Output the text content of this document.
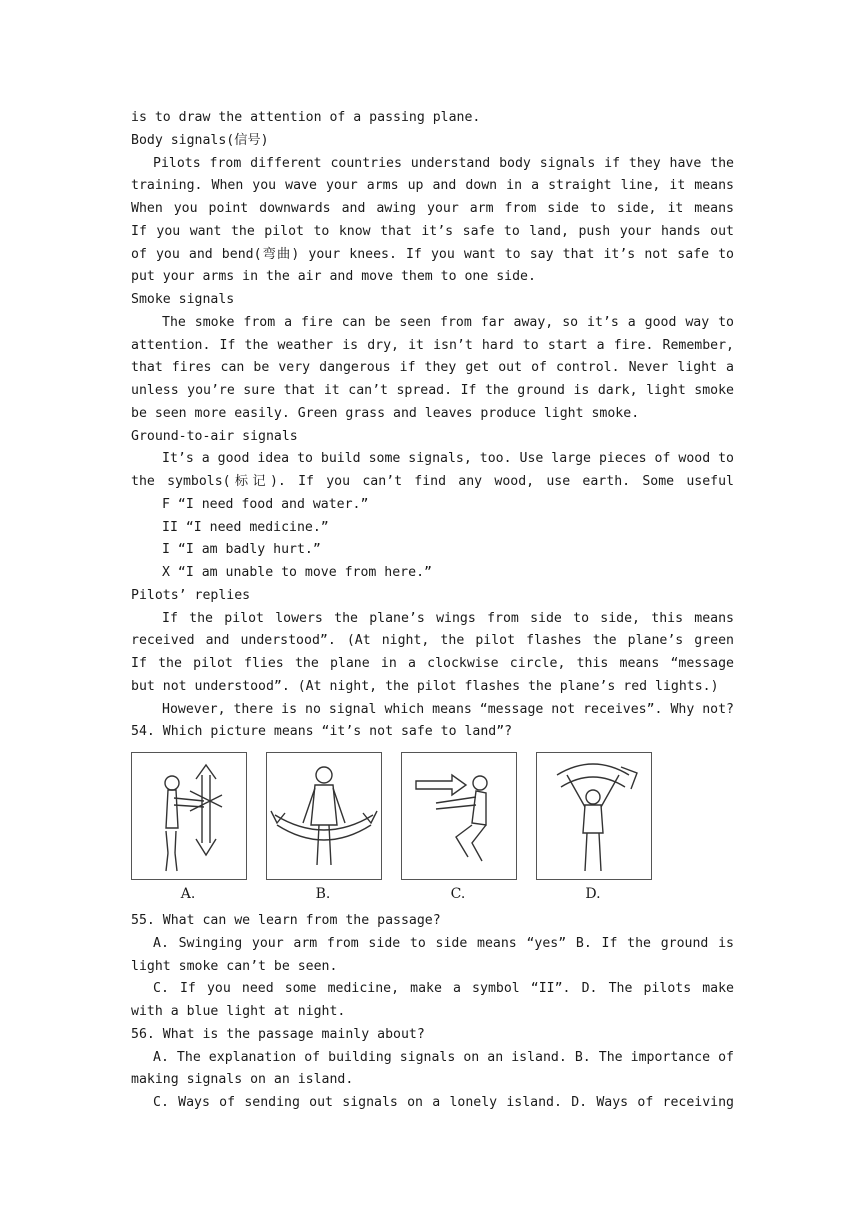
is to draw the attention of a passing plane.
Body signals(信号)
Pilots from different countries understand body signals if they have the
training. When you wave your arms up and down in a straight line, it means
When you point downwards and awing your arm from side to side, it means
If you want the pilot to know that it’s safe to land, push your hands out
of you and bend(弯曲) your knees. If you want to say that it’s not safe to
put your arms in the air and move them to one side.
Smoke signals
The smoke from a fire can be seen from far away, so it’s a good way to
attention. If the weather is dry, it isn’t hard to start a fire. Remember,
that fires can be very dangerous if they get out of control. Never light a
unless you’re sure that it can’t spread. If the ground is dark, light smoke
be seen more easily. Green grass and leaves produce light smoke.
Ground-to-air signals
It’s a good idea to build some signals, too. Use large pieces of wood to
the symbols(标记). If you can’t find any wood, use earth. Some useful
F “I need food and water.”
II “I need medicine.”
I “I am badly hurt.”
X “I am unable to move from here.”
Pilots’ replies
If the pilot lowers the plane’s wings from side to side, this means
received and understood”. (At night, the pilot flashes the plane’s green
If the pilot flies the plane in a clockwise circle, this means “message
but not understood”. (At night, the pilot flashes the plane’s red lights.)
However, there is no signal which means “message not receives”. Why not?
54. Which picture means “it’s not safe to land”?
A.	B.	C.	D.
55. What can we learn from the passage?
A. Swinging your arm from side to side means “yes” B. If the ground is
light smoke can’t be seen.
C. If you need some medicine, make a symbol “II”. D. The pilots make
with a blue light at night.
56. What is the passage mainly about?
A. The explanation of building signals on an island. B. The importance of
making signals on an island.
C. Ways of sending out signals on a lonely island. D. Ways of receiving
